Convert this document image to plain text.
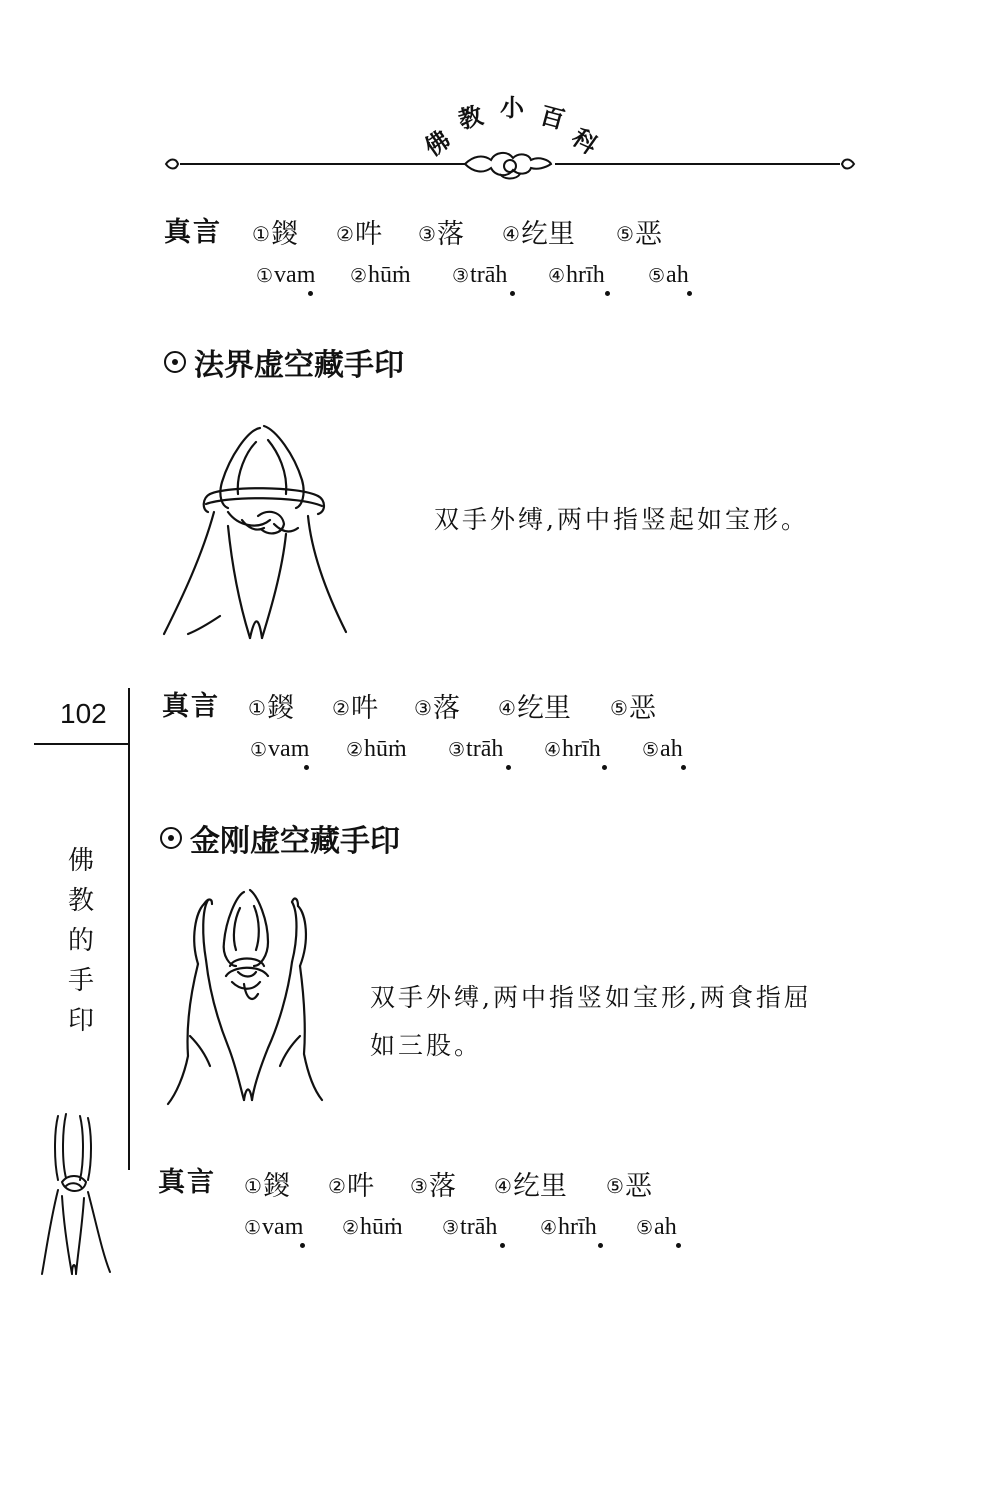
佛
教 小 百
科
真言 ①鍐 ②吽 ③落 ④纥里 ⑤恶
①vam ②hūṁ ③trāh ④hrīh ⑤ah
法界虚空藏手印
双手外缚,两中指竖起如宝形。
102
佛
教
的
手
印
真言 ①鍐 ②吽 ③落 ④纥里 ⑤恶
①vam ②hūṁ ③trāh ④hrīh ⑤ah
金刚虚空藏手印
双手外缚,两中指竖如宝形,两食指屈
如三股。
真言 ①鍐 ②吽 ③落 ④纥里 ⑤恶
①vam ②hūṁ ③trāh ④hrīh ⑤ah
